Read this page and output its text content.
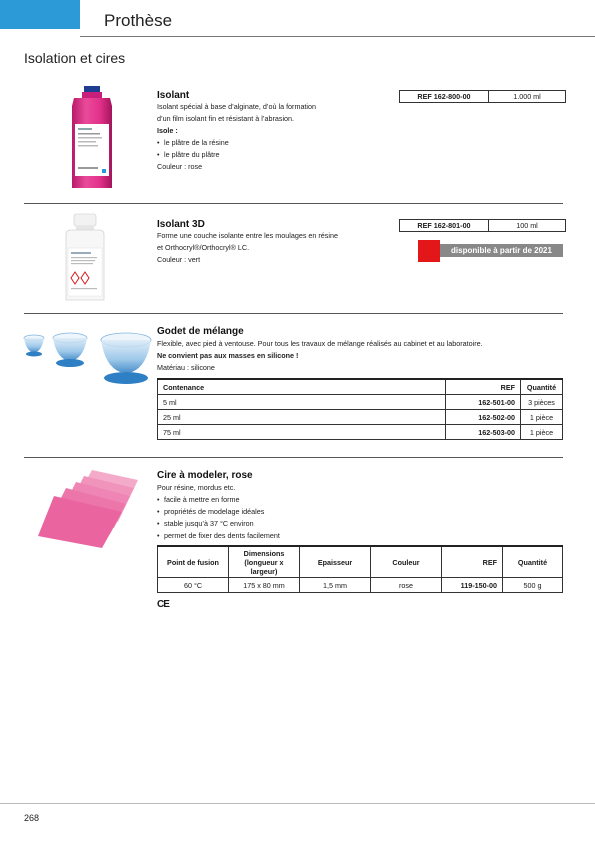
Prothèse
Isolation et cires
Isolant
Isolant spécial à base d’alginate, d’où la formation
d’un film isolant fin et résistant à l’abrasion.
Isole :
• le plâtre de la résine
• le plâtre du plâtre
Couleur : rose
REF 162-800-00	1.000 ml
Isolant 3D
Forme une couche isolante entre les moulages en résine
et Orthocryl®/Orthocryl® LC.
Couleur : vert
REF 162-801-00	100 ml
disponible à partir de 2021
Godet de mélange
Flexible, avec pied à ventouse. Pour tous les travaux de mélange réalisés au cabinet et au laboratoire.
Ne convient pas aux masses en silicone !
Matériau : silicone
Contenance	REF	Quantité
5 ml	162-501-00	3 pièces
25 ml	162-502-00	1 pièce
75 ml	162-503-00	1 pièce
Cire à modeler, rose
Pour résine, mordus etc.
• facile à mettre en forme
• propriétés de modelage idéales
• stable jusqu’à 37 °C environ
• permet de fixer des dents facilement
Point de fusion	Dimensions (longueur x largeur)	Epaisseur	Couleur	REF	Quantité
60 °C	175 x 80 mm	1,5 mm	rose	119-150-00	500 g
CE
268
